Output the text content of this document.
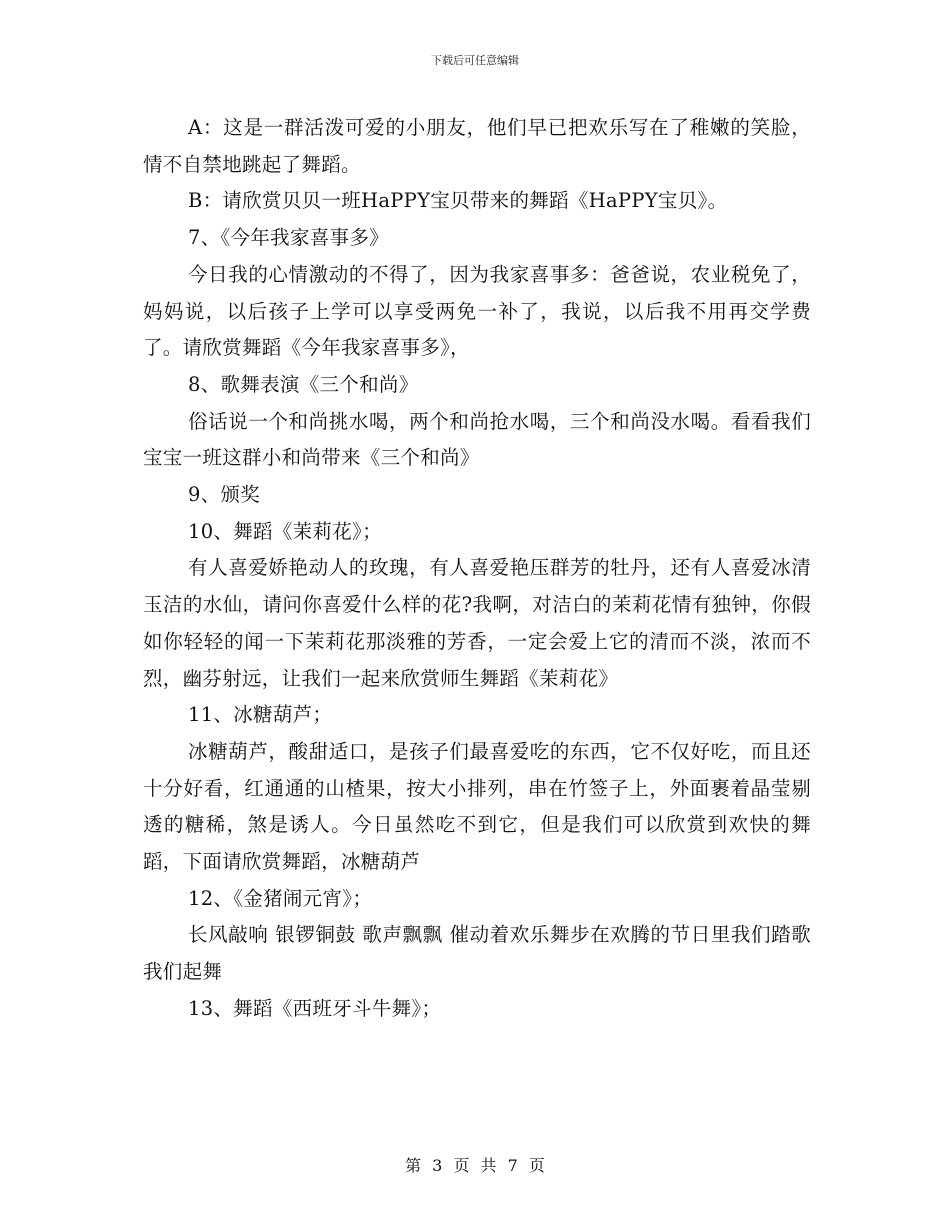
下载后可任意编辑

A：这是一群活泼可爱的小朋友，他们早已把欢乐写在了稚嫩的笑脸，情不自禁地跳起了舞蹈。

B：请欣赏贝贝一班HaPPY宝贝带来的舞蹈《HaPPY宝贝》。

7、《今年我家喜事多》

今日我的心情激动的不得了，因为我家喜事多：爸爸说，农业税免了，妈妈说，以后孩子上学可以享受两免一补了，我说，以后我不用再交学费了。请欣赏舞蹈《今年我家喜事多》，

8、歌舞表演《三个和尚》

俗话说一个和尚挑水喝，两个和尚抢水喝，三个和尚没水喝。看看我们宝宝一班这群小和尚带来《三个和尚》

9、颁奖

10、舞蹈《茉莉花》；

有人喜爱娇艳动人的玫瑰，有人喜爱艳压群芳的牡丹，还有人喜爱冰清玉洁的水仙，请问你喜爱什么样的花?我啊，对洁白的茉莉花情有独钟，你假如你轻轻的闻一下茉莉花那淡雅的芳香，一定会爱上它的清而不淡，浓而不烈，幽芬射远，让我们一起来欣赏师生舞蹈《茉莉花》

11、冰糖葫芦；

冰糖葫芦，酸甜适口，是孩子们最喜爱吃的东西，它不仅好吃，而且还十分好看，红通通的山楂果，按大小排列，串在竹签子上，外面裹着晶莹剔透的糖稀，煞是诱人。今日虽然吃不到它，但是我们可以欣赏到欢快的舞蹈，下面请欣赏舞蹈，冰糖葫芦

12、《金猪闹元宵》；

长风敲响 银锣铜鼓 歌声飘飘 催动着欢乐舞步在欢腾的节日里我们踏歌 我们起舞

13、舞蹈《西班牙斗牛舞》；

第 3 页 共 7 页
